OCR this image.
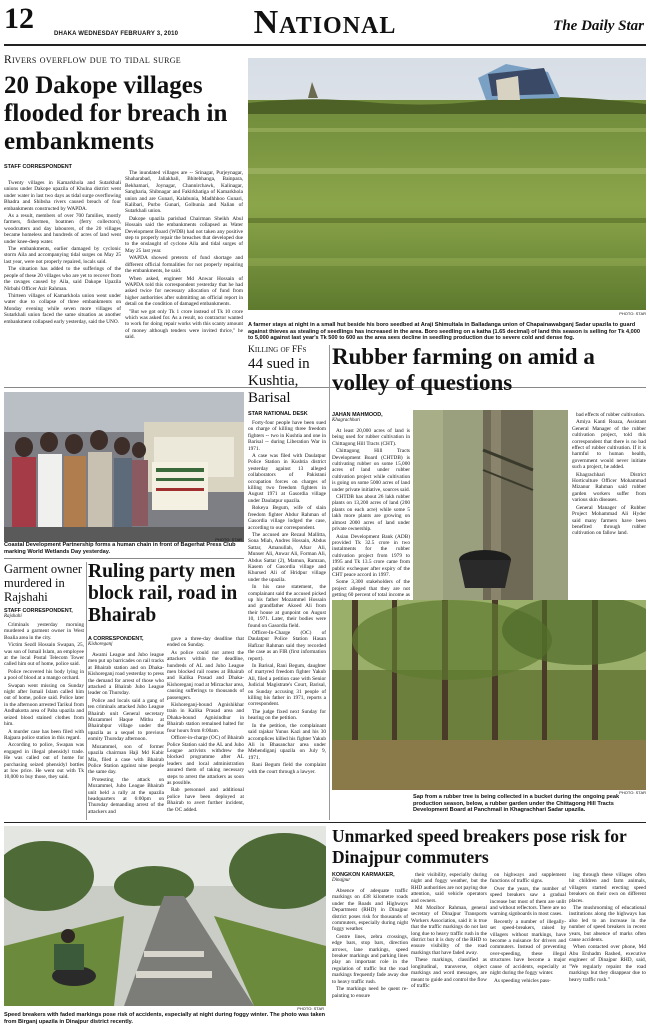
12	DHAKA WEDNESDAY FEBRUARY 3, 2010	National	The Daily Star
Rivers overflow due to tidal surge
20 Dakope villages flooded for breach in embankments
STAFF CORRESPONDENT

Twenty villages in Kamarkhola and Sutarkhali unions under Dakope upazila of Khulna district went under water in last two days as tidal surge overflowing Bhadra and Shibsha rivers caused breach of four embankments constructed by WAPDA.

As a result, members of over 700 families, mostly farmers, fishermen, boatmen (ferry collectors), woodcutters and day labourers, of the 20 villages became homeless and hundreds of acres of land went under knee-deep water.

The embankments, earlier damaged by cyclonic storm Aila and accompanying tidal surges on May 25 last year, were not properly repaired, locals said.

The situation has added to the sufferings of the people of these 20 villages who are yet to recover from the ravages caused by Aila, said Dakope Upazila Nirbahi Officer Azir Rahman.

Thirteen villages of Kamarkhola union went under water due to collapse of three embankments on Monday evening while seven more villages of Sutarkhali union faced the same situation as another embankment collapsed early yesterday, said the UNO.

The inundated villages are -- Srinagar, Purjeynagar, Shaharabad, Jaliakhali, Bhitebhanga, Bainpara, Bekhamari, Joynagar, Channirchawk, Kalinagar, Sangharia, Shibnagar and Fakirkhatiga of Kamarkhola union and are Gunari, Kalabunia, Madhhhoo Gunari, Kalibari, Purbo Gunari, Golbunia and Nalian of Sutarkhali union.

Dakope upazila parishad Chairman Sheikh Abul Hossain said the embankments collapsed as Water Development Board (WDB) had not taken any positive step to properly repair the breaches that developed due to the onslaught of cyclone Aila and tidal surges of May 25 last year.

WAPDA showed pretexts of fund shortage and different official formalities for not properly repairing the embankments, he said.

When asked, engineer Md Anwar Hossain of WAPDA told this correspondent yesterday that he had asked twice for necessary allocation of fund from higher authorities after submitting an official report in detail on the condition of damaged embankments.

"But we got only Tk 1 crore instead of Tk 10 crore which was asked for. As a result, no contractor wanted to work for doing repair works with this scanty amount of money although tenders were invited thrice," he said.

A farmer stays at night in a small hut beside his boro seedbed at Araji Shimultala in Balladanga union of Chapainawabganj Sadar upazila to guard against thieves as stealing of seedlings has increased in the area. Boro seedling on a katha (1.65 decimal) of land this season is selling for Tk 4,000 to 5,000 against last year's Tk 500 to 600 as the area sees decline in seedling production due to severe cold and dense fog.
PHOTO: STAR
Coastal Development Partnership forms a human chain in front of Bagerhat Press Club marking World Wetlands Day yesterday.
PHOTO: STAR
Killing of FFs
44 sued in Kushtia, Barisal
STAR NATIONAL DESK

Forty-four people have been sued on charge of killing three freedom fighters -- two in Kushtia and one in Barisal -- during Liberation War in 1971.

A case was filed with Daulatpur Police Station in Kushtia district yesterday against 13 alleged collaborators of Pakistani occupation forces on charges of killing two freedom fighters in August 1971 at Gasordia village under Daulatpur upazila.

Rokeya Begum, wife of slain freedom fighter Abdur Rahman of Gasordia village lodged the case, according to our correspondent.

The accused are Rezaul Mallitta, Sona Miah, Andres Hossain, Abdus Sattar, Amanullah, Afsar Ali, Munser Ali, Anwar Ali, Forman Ali, Abdus Sattar (2), Mamun, Ramzan, Kasem of Gasordia village and Khursed Ali of Hridpur village under the upazila.

In his case statement, the complainant said the accused picked up his father Mozammel Hossain and grandfather Akoed Ali from their house at gunpoint on August 10, 1971. Later, their bodies were found on Gasordia field.

Officer-In-Charge (OC) of Daulatpur Police Station Hasan Hafizur Rahman said they recorded the case as an FIR (first information report).

In Barisal, Rani Begum, daughter of martyred freedom fighter Yakub Ali, filed a petition case with Senior Judicial Magistrate's Court, Barisal, on Sunday accusing 31 people of killing his father in 1971, reports a correspondent.

The judge fixed next Sunday for hearing on the petition.

In the petition, the complainant said rajakar Yunus Kazi and his 30 accomplices killed his fighter Yakub Ali in Bhasanchar area under Mehendiganj upazila on July 9, 1971.

Rani Begum field the complaint with the court through a lawyer.

Rubber farming on amid a volley of questions
JAHAN MAHMOOD,
Khagrachhari

At least 20,000 acres of land is being used for rubber cultivation in Chittagong Hill Tracts (CHT).

Chittagong Hill Tracts Development Board (CHTDB) is cultivating rubber on some 15,000 acres of land under rubber cultivation project while cultivation is going on some 5000 acres of land under private initiative, sources said.

CHTDB has about 26 lakh rubber plants on 13,200 acres of land (200 plants on each acre) while some 5 lakh more plants are growing on almost 2000 acres of land under private ownership.

Asian Development Bank (ADB) provided Tk 32.5 crore in two instalments for the rubber cultivation project from 1979 to 1995 and Tk 13.5 crore came from public exchequer after expiry of the CHT peace accord in 1997.

Some 3,300 stakeholders of the project alleged that they are not getting 60 percent of total income as

bad effects of rubber cultivation.

Amiya Kanti Roaza, Assistant General Manager of the rubber cultivation project, told this correspondent that there is no bad effect of rubber cultivation. If it is harmful to human health, government would never initiate such a project, he added.

Khagrachhari District Horticulture Officer Mohammad Mizanur Rahman said rubber garden workers suffer from various skin diseases.

General Manager of Rubber Project Mohammad Ali Hyder said many farmers have been benefited through rubber cultivation on fallow land.

Sap from a rubber tree is being collected in a bucket during the ongoing peak production season, below, a rubber garden under the Chittagong Hill Tracts Development Board at Panchmail in Khagrachhari Sadar upazila.
PHOTO: STAR
Garment owner murdered in Rajshahi
STAFF CORRESPONDENT,
Rajshahi

Criminals yesterday morning murdered a garment owner in West Boalia area in the city.

Victim Sezdl Hossain Swapan, 25, was son of Ismail Islam, an employee at the local Postal Telecom Tower called him out of home, police said.

Police recovered his body lying in a pool of blood at a mango orchard.

Swapan went missing on Sunday night after Ismail Islam called him out of home, police said. Police later in the afternoon arrested Tarikul from Andhakotta area of Paba upazila and seized blood stained clothes from him.

A murder case has been filed with Rajpara police station in this regard.

According to police, Swapan was engaged in illegal phensidyl trade. He was called out of home for purchasing seized phensidyl bottles at low price. He went out with Tk 10,000 to buy those, they said.

Ruling party men block rail, road in Bhairab
A CORRESPONDENT,
Kishoreganj

Awami League and Jubo league men put up barricades on rail tracks at Bhairab station and on Dhaka-Kishoreganj road yesterday to press the demand for arrest of those who attacked a Bhairab Jubo League leader on Thursday.

Police and locals said a gang of ten criminals attacked Jubo League Bhairab unit General secretary Mozammel Haque Mithu at Bhairabpur village under the upazila as a sequel to previous enmity Thursday afternoon.

Mozammel, son of former upazila chairman Haji Md Kabir Mia, filed a case with Bhairab Police Station against nine people the same day.

Protesting the attack on Mozammel, Jubo League Bhairab unit held a rally at the upazila headquarters at 6:00pm on Thursday demanding arrest of the attackers and

gave a three-day deadline that ended on Sunday.

As police could not arrest the attackers within the deadline, hundreds of AL and Jubo League men blocked rail routes at Bhairab and Kalika Prasad and Dhaka-Kishoreganj road at Mirzachar area, causing sufferings to thousands of passengers.

Kishoreganj-bound Agnishikhar train in Kalika Prasad area and Dhaka-bound Agnisindhur in Bhairab station remained halted for four hours from 8:00am.

Officer-in-charge (OC) of Bhairab Police Station said the AL and Jubo League activists withdrew the blocked programme after AL leaders and local administration assured them of taking necessary steps to arrest the attackers as soon as possible.

Rab personnel and additional police have been deployed at Bhairab to avert further incident, the OC added.

Speed breakers with faded markings pose risk of accidents, especially at night during foggy winter. The photo was taken from Birganj upazila in Dinajpur district recently.
PHOTO: STAR
Unmarked speed breakers pose risk for Dinajpur commuters
KONGKON KARMAKER,
Dinajpur

Absence of adequate traffic markings on 438 kilometre roads under the Roads and Highways Department (RHD) in Dinajpur district poses risk for thousands of commuters, especially during night foggy weather.

Centre lines, zebra crossings, edge bars, stop bars, direction arrows, lane markings, speed breaker markings and parking lines play an important role in the regulation of traffic but the road markings frequently fade away due to heavy traffic rush.

The markings need be quent re-painting to ensure

their visibility, especially during night and foggy weather, but the RHD authorities are not paying due attention, said vehicle operators and owners.

Md Mozibor Rahman, general secretary of Dinajpur Transports Workers Association, said it is true that the traffic markings do not last long due to heavy traffic rush in the district but it is duty of the RHD to ensure visibility of the road markings that have faded away.

These markings, classified as longitudinal, transverse, object markings and word messages, are meant to guide and control the flow of traffic

on highways and supplement functions of traffic signs.

Over the years, the number of speed breakers saw a gradual increase but most of them are unlit and without reflectors. There are no warning signboards in most cases.

Recently a number of illegally-set speed-breakers, raised by villagers without markings, have become a nuisance for drivers and commuters. Instead of preventing over-speeding, these illegal structures have become a major cause of accidents, especially at night during the foggy winter.

As speeding vehicles pass-

ing through these villages often hit children and farm animals, villagers started erecting speed breakers on their own on different places.

The mushrooming of educational institutions along the highways has also led to an increase in the number of speed breakers in recent years, but absence of marks often cause accidents.

When contacted over phone, Md Abu Ershadm Rashed, executive engineer of Dinajpur RHD, said, "We regularly repaint the road markings but they disappear due to heavy traffic rush."
